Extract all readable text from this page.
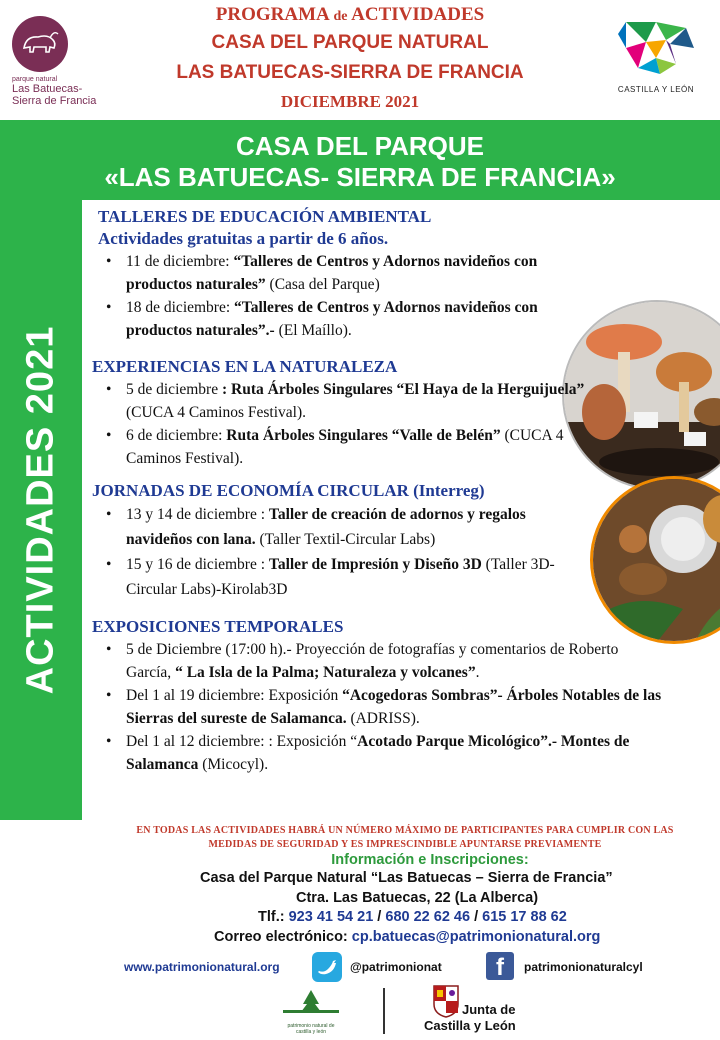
parque natural
Las Batuecas-
Sierra de Francia
PROGRAMA de ACTIVIDADES
CASA DEL PARQUE NATURAL
LAS BATUECAS-SIERRA DE FRANCIA
DICIEMBRE 2021
CASTILLA Y LEÓN
CASA DEL PARQUE
«LAS BATUECAS- SIERRA DE FRANCIA»
ACTIVIDADES 2021
TALLERES DE EDUCACIÓN AMBIENTAL
Actividades gratuitas a partir de 6 años.
• 11 de diciembre: “Talleres de Centros y Adornos navideños con productos naturales” (Casa del Parque)
• 18 de diciembre: “Talleres de Centros y Adornos navideños con productos naturales”.- (El Maíllo).
EXPERIENCIAS EN LA NATURALEZA
• 5 de diciembre : Ruta Árboles Singulares “El Haya de la Herguijuela” (CUCA 4 Caminos Festival).
• 6 de diciembre: Ruta Árboles Singulares “Valle de Belén” (CUCA 4 Caminos Festival).
JORNADAS DE ECONOMÍA CIRCULAR (Interreg)
• 13 y 14 de diciembre : Taller de creación de adornos y regalos navideños con lana. (Taller Textil-Circular Labs)
• 15 y 16 de diciembre : Taller de Impresión y Diseño 3D (Taller 3D-Circular Labs)-Kirolab3D
EXPOSICIONES TEMPORALES
• 5 de Diciembre (17:00 h).- Proyección de fotografías y comentarios de Roberto García, “ La Isla de la Palma; Naturaleza y volcanes”.
• Del 1 al 19 diciembre: Exposición “Acogedoras Sombras”- Árboles Notables de las Sierras del sureste de Salamanca. (ADRISS).
• Del 1 al 12 diciembre: : Exposición “Acotado Parque Micológico”.- Montes de Salamanca (Micocyl).
EN TODAS LAS ACTIVIDADES HABRÁ UN NÚMERO MÁXIMO DE PARTICIPANTES PARA CUMPLIR CON LAS
MEDIDAS DE SEGURIDAD Y ES IMPRESCINDIBLE APUNTARSE PREVIAMENTE
Información e Inscripciones:
Casa del Parque Natural “Las Batuecas – Sierra de Francia”
Ctra. Las Batuecas, 22 (La Alberca)
Tlf.: 923 41 54 21 / 680 22 62 46 / 615 17 88 62
Correo electrónico: cp.batuecas@patrimonionatural.org
www.patrimonionatural.org	@patrimonionat	f	patrimonionaturalcyl
patrimonio natural de castilla y león
Junta de
Castilla y León
